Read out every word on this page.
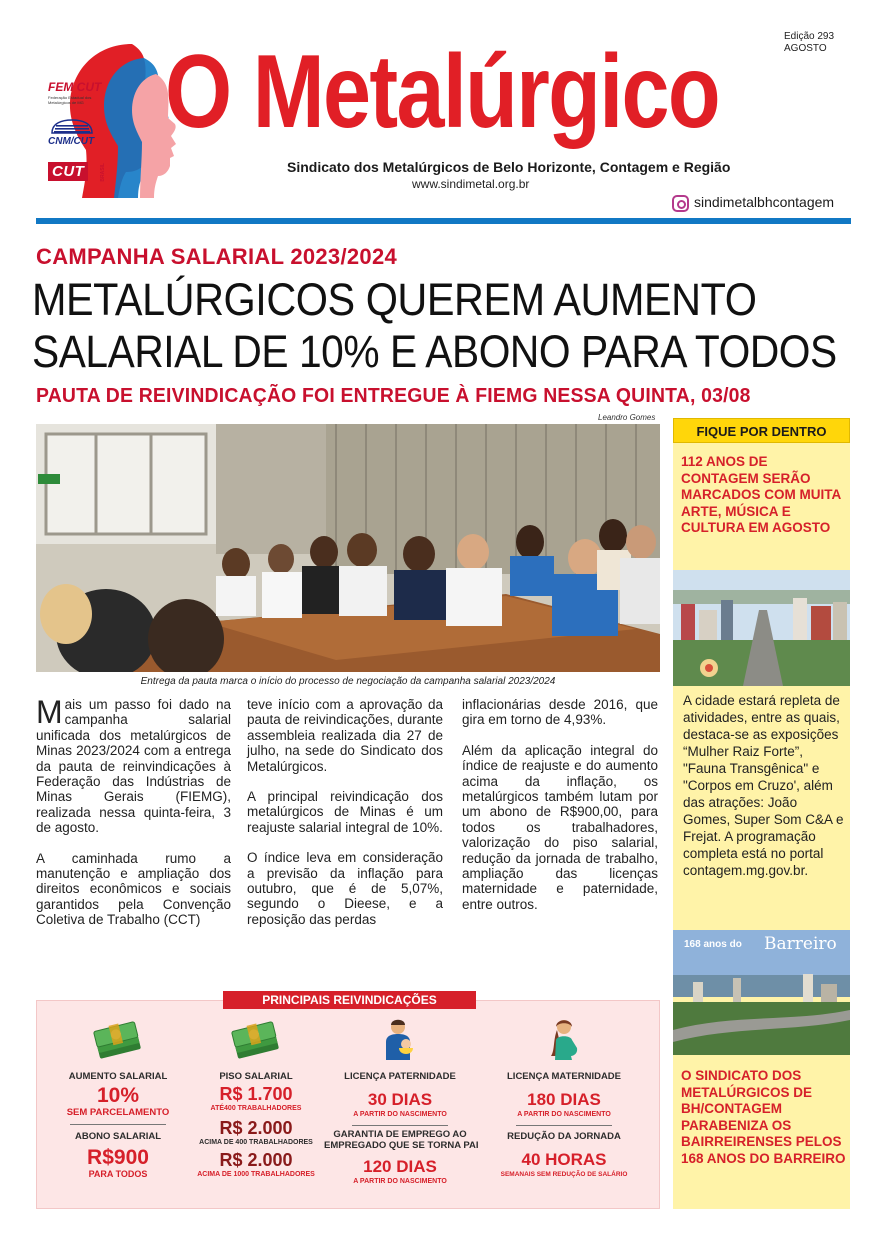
FEM CUT
Federação Estadual dos Metalúrgicos de MG
CNM/CUT
CUT	BRASIL
O Metalúrgico	Edição 293
AGOSTO
Sindicato dos Metalúrgicos de Belo Horizonte, Contagem e Região
www.sindimetal.org.br
sindimetalbhcontagem
CAMPANHA SALARIAL 2023/2024
METALÚRGICOS QUEREM AUMENTO
SALARIAL DE 10% E ABONO PARA TODOS
PAUTA DE REIVINDICAÇÃO FOI ENTREGUE À FIEMG NESSA QUINTA, 03/08
Leandro Gomes
Entrega da pauta marca o início do processo de negociação da campanha salarial 2023/2024

Mais um passo foi dado na campanha salarial unificada dos metalúrgicos de Minas 2023/2024 com a entrega da pauta de reinvindicações à Federação das Indústrias de Minas Gerais (FIEMG), realizada nessa quinta-feira, 3 de agosto.

A caminhada rumo a manutenção e ampliação dos direitos econômicos e sociais garantidos pela Convenção Coletiva de Trabalho (CCT)

teve início com a aprovação da pauta de reivindicações, durante assembleia realizada dia 27 de julho, na sede do Sindicato dos Metalúrgicos.

A principal reivindicação dos metalúrgicos de Minas é um reajuste salarial integral de 10%.

O índice leva em consideração a previsão da inflação para outubro, que é de 5,07%, segundo o Dieese, e a reposição das perdas

inflacionárias desde 2016, que gira em torno de 4,93%.

Além da aplicação integral do índice de reajuste e do aumento acima da inflação, os metalúrgicos também lutam por um abono de R$900,00, para todos os trabalhadores, valorização do piso salarial, redução da jornada de trabalho, ampliação das licenças maternidade e paternidade, entre outros.

PRINCIPAIS REIVINDICAÇÕES
AUMENTO SALARIAL
10%
SEM PARCELAMENTO
ABONO SALARIAL
R$900
PARA TODOS
PISO SALARIAL
R$ 1.700
ATÉ400 TRABALHADORES
R$ 2.000
ACIMA DE 400 TRABALHADORES
R$ 2.000
ACIMA DE 1000 TRABALHADORES
LICENÇA PATERNIDADE
30 DIAS
A PARTIR DO NASCIMENTO
GARANTIA DE EMPREGO AO
EMPREGADO QUE SE TORNA PAI
120 DIAS
A PARTIR DO NASCIMENTO
LICENÇA MATERNIDADE
180 DIAS
A PARTIR DO NASCIMENTO
REDUÇÃO DA JORNADA
40 HORAS
SEMANAIS SEM REDUÇÃO DE SALÁRIO
FIQUE POR DENTRO
112 ANOS DE CONTAGEM SERÃO MARCADOS COM MUITA ARTE, MÚSICA E CULTURA EM AGOSTO
A cidade estará repleta de atividades, entre as quais, destaca-se as exposições “Mulher Raiz Forte”, "Fauna Transgênica" e "Corpos em Cruzo', além das atrações: João Gomes, Super Som C&A e Frejat. A programação completa está no portal contagem.mg.gov.br.
168 anos do Barreiro
O SINDICATO DOS METALÚRGICOS DE BH/CONTAGEM PARABENIZA OS BAIRREIRENSES PELOS 168 ANOS DO BARREIRO
